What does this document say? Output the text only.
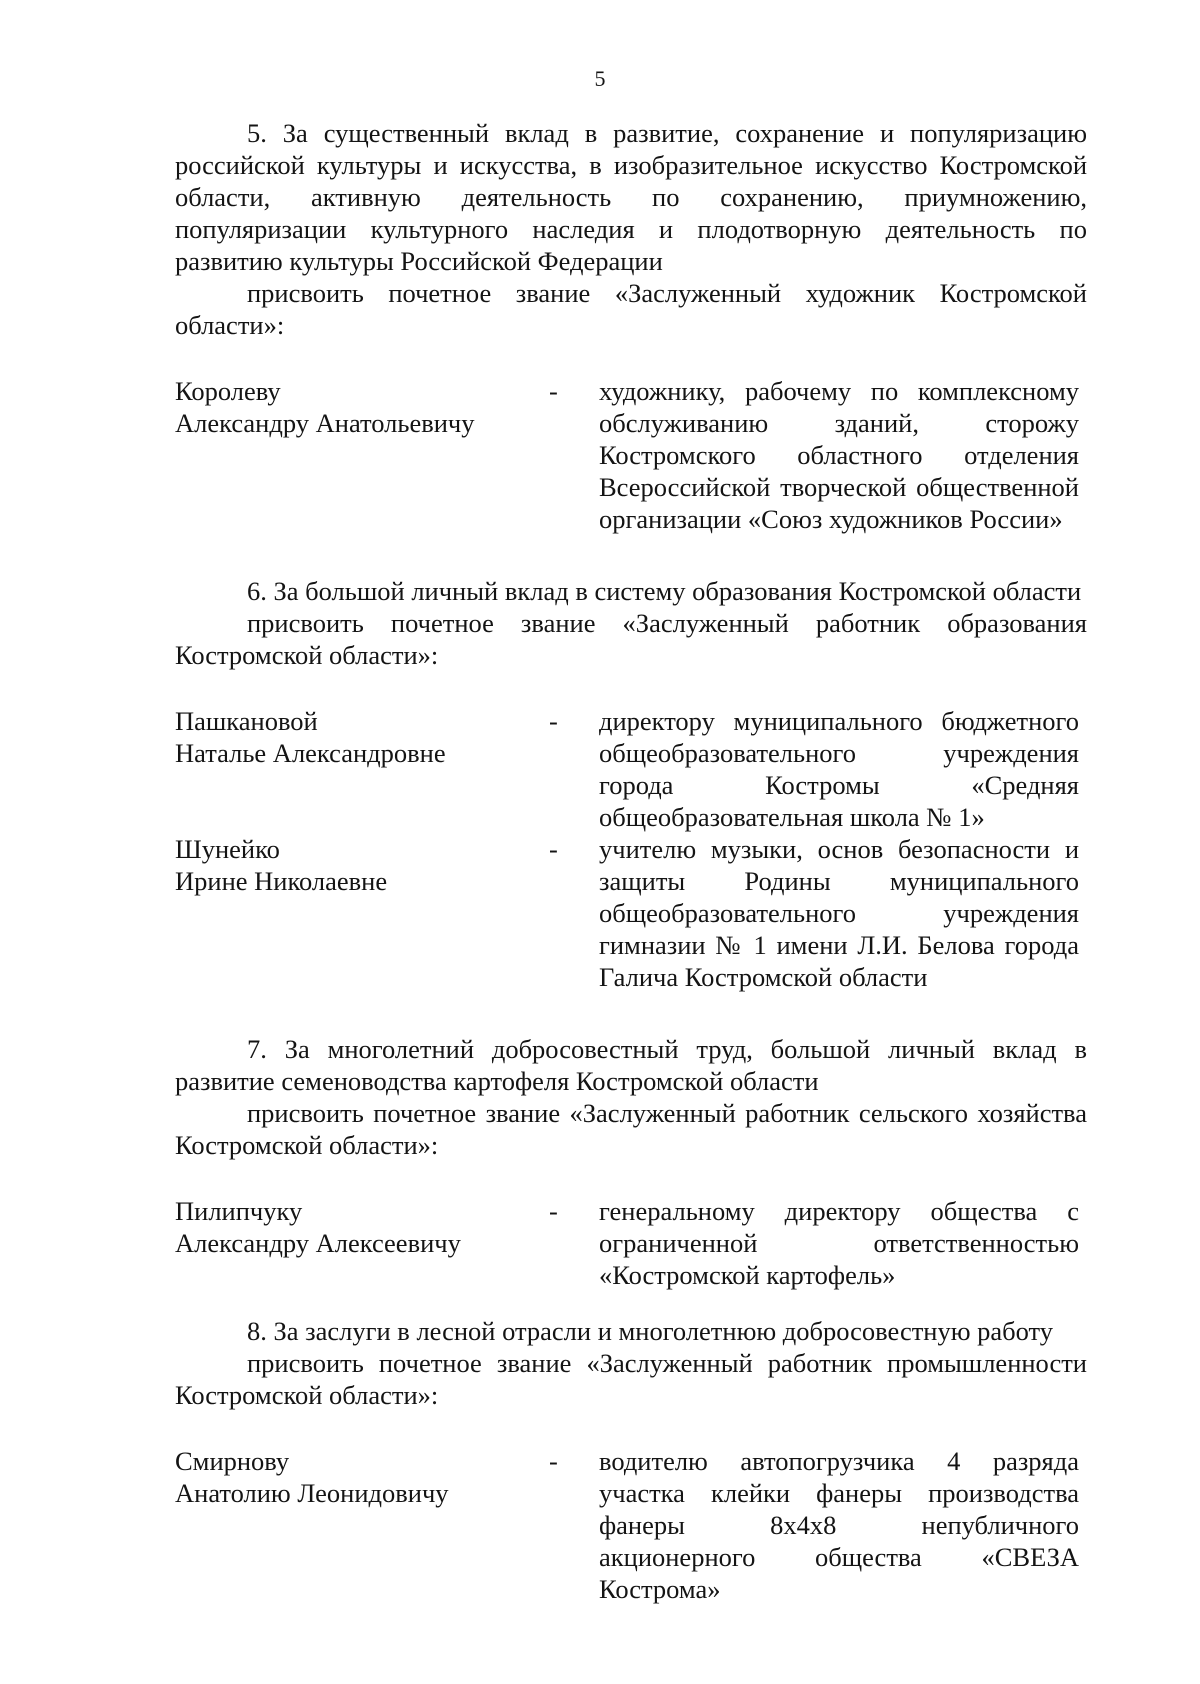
5

5. За существенный вклад в развитие, сохранение и популяризацию российской культуры и искусства, в изобразительное искусство Костромской области, активную деятельность по сохранению, приумножению, популяризации культурного наследия и плодотворную деятельность по развитию культуры Российской Федерации

присвоить почетное звание «Заслуженный художник Костромской области»:

Королеву
Александру Анатольевичу
-	художнику, рабочему по комплексному
обслуживанию зданий, сторожу
Костромского областного отделения
Всероссийской творческой общественной
организации «Союз художников России»

6. За большой личный вклад в систему образования Костромской области

присвоить почетное звание «Заслуженный работник образования Костромской области»:

Пашкановой
Наталье Александровне
-	директору муниципального бюджетного
общеобразовательного учреждения
города Костромы «Средняя
общеобразовательная школа № 1»
Шунейко
Ирине Николаевне
-	учителю музыки, основ безопасности и
защиты Родины муниципального
общеобразовательного учреждения
гимназии № 1 имени Л.И. Белова города
Галича Костромской области

7. За многолетний добросовестный труд, большой личный вклад в развитие семеноводства картофеля Костромской области

присвоить почетное звание «Заслуженный работник сельского хозяйства Костромской области»:

Пилипчуку
Александру Алексеевичу
-	генеральному директору общества с
ограниченной ответственностью
«Костромской картофель»

8. За заслуги в лесной отрасли и многолетнюю добросовестную работу

присвоить почетное звание «Заслуженный работник промышленности Костромской области»:

Смирнову
Анатолию Леонидовичу
-	водителю автопогрузчика 4 разряда
участка клейки фанеры производства
фанеры 8x4x8 непубличного
акционерного общества «СВЕЗА
Кострома»
